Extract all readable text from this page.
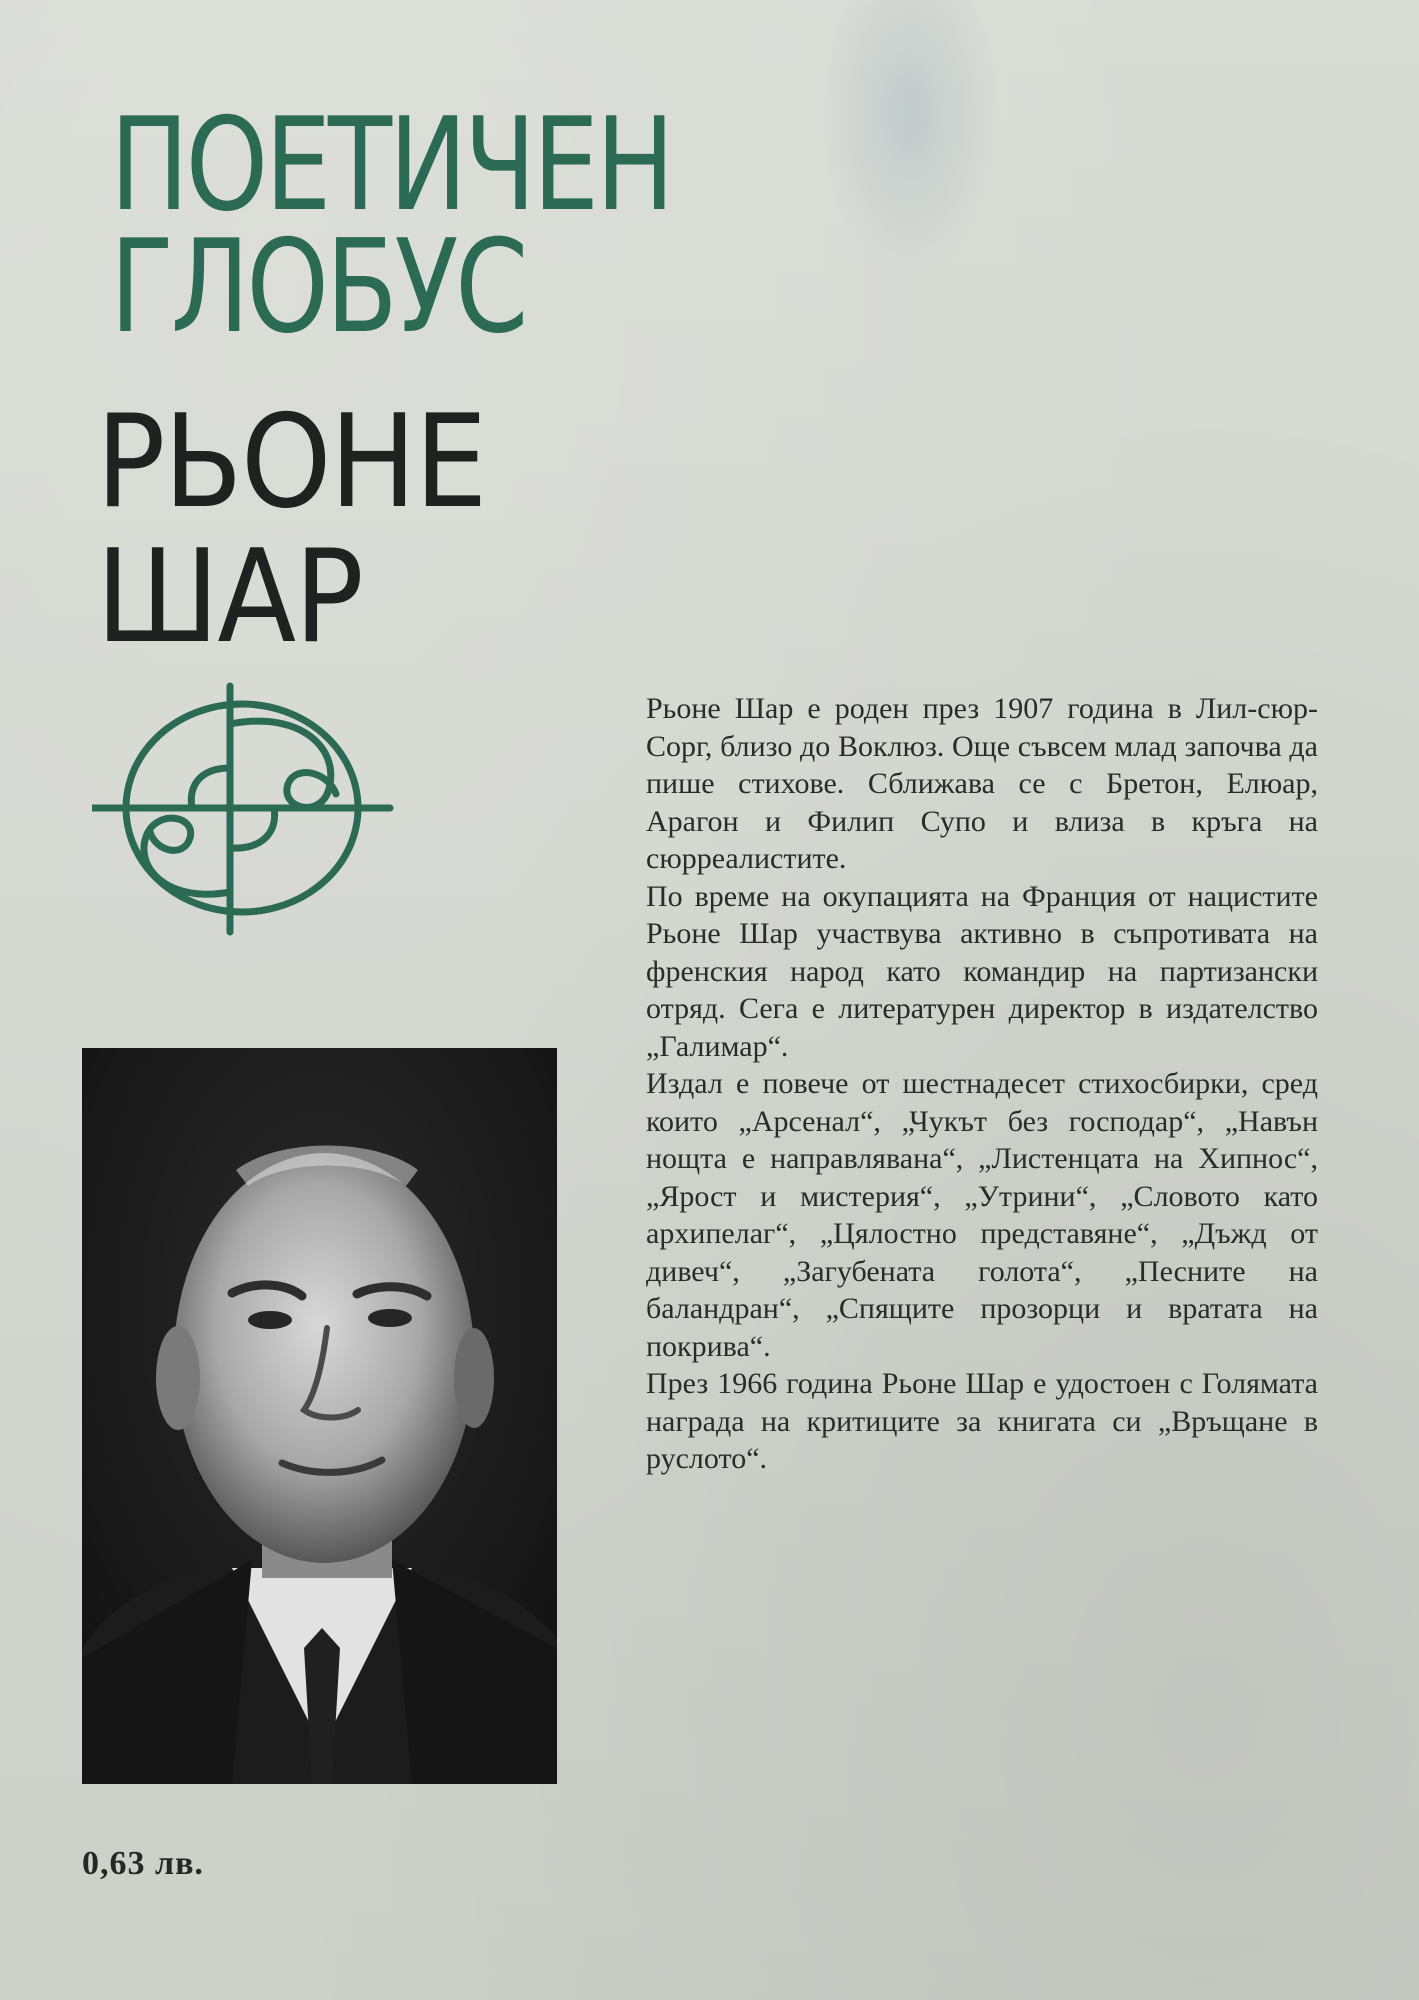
ПОЕТИЧЕН
ГЛОБУС
РЬОНЕ
ШАР

Рьоне Шар е роден през 1907 година в Лил-сюр-Сорг, близо до Воклюз. Още съвсем млад започва да пише стихове. Сближава се с Бретон, Елюар, Арагон и Филип Супо и влиза в кръга на сюрреалистите.

По време на окупацията на Франция от нацистите Рьоне Шар участвува активно в съпротивата на френския народ като командир на партизански отряд. Сега е литературен директор в издателство „Галимар“.

Издал е повече от шестнадесет стихосбирки, сред които „Арсенал“, „Чукът без господар“, „Навън нощта е направлявана“, „Листенцата на Хипнос“, „Ярост и мистерия“, „Утрини“, „Словото като архипелаг“, „Цялостно представяне“, „Дъжд от дивеч“, „Загубената голота“, „Песните на баландран“, „Спящите прозорци и вратата на покрива“.

През 1966 година Рьоне Шар е удостоен с Голямата награда на критиците за книгата си „Връщане в руслото“.

0,63 лв.
